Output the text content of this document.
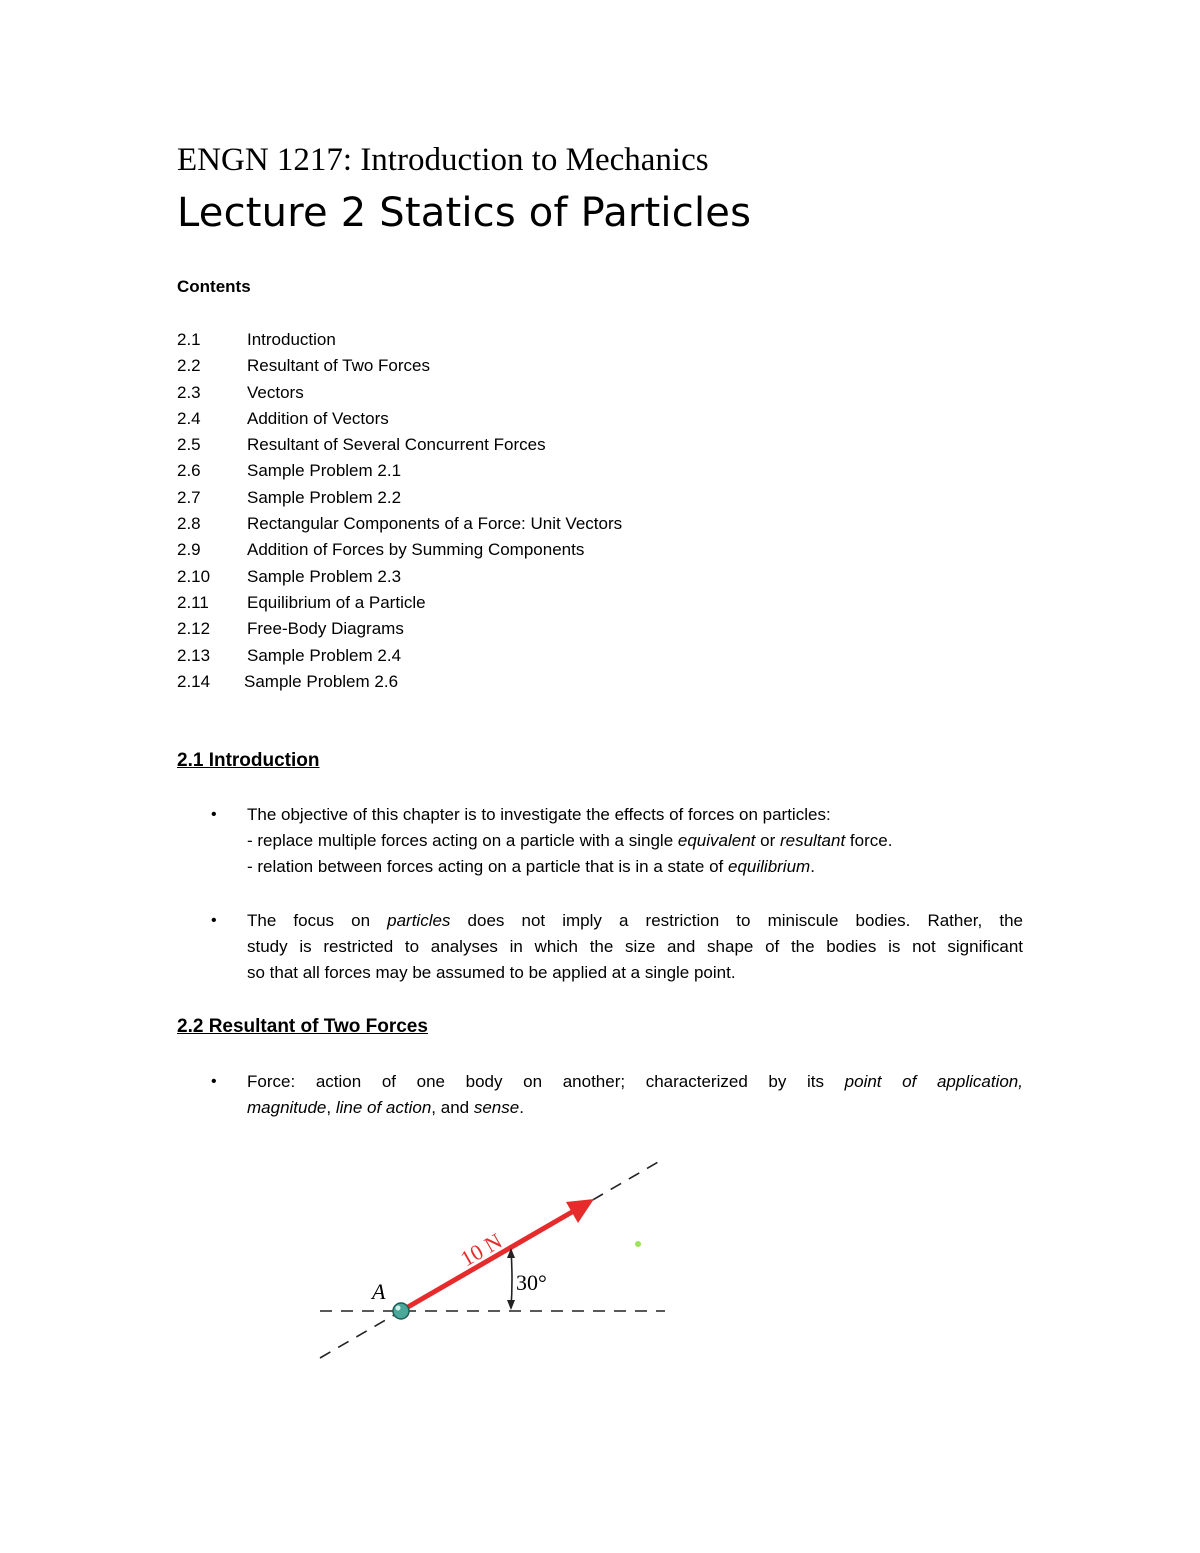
ENGN 1217: Introduction to Mechanics
Lecture 2 Statics of Particles
Contents
2.1	Introduction
2.2	Resultant of Two Forces
2.3	Vectors
2.4	Addition of Vectors
2.5	Resultant of Several Concurrent Forces
2.6	Sample Problem 2.1
2.7	Sample Problem 2.2
2.8	Rectangular Components of a Force: Unit Vectors
2.9	Addition of Forces by Summing Components
2.10 Sample Problem 2.3
2.11 Equilibrium of a Particle
2.12 Free-Body Diagrams
2.13 Sample Problem 2.4
2.14 Sample Problem 2.6
2.1 Introduction
• The objective of this chapter is to investigate the effects of forces on particles:
- replace multiple forces acting on a particle with a single equivalent or resultant force.
- relation between forces acting on a particle that is in a state of equilibrium.
• The focus on particles does not imply a restriction to miniscule bodies. Rather, the
study is restricted to analyses in which the size and shape of the bodies is not significant
so that all forces may be assumed to be applied at a single point.
2.2 Resultant of Two Forces
• Force: action of one body on another; characterized by its point of application,
magnitude, line of action, and sense.
A
10 N
30°
